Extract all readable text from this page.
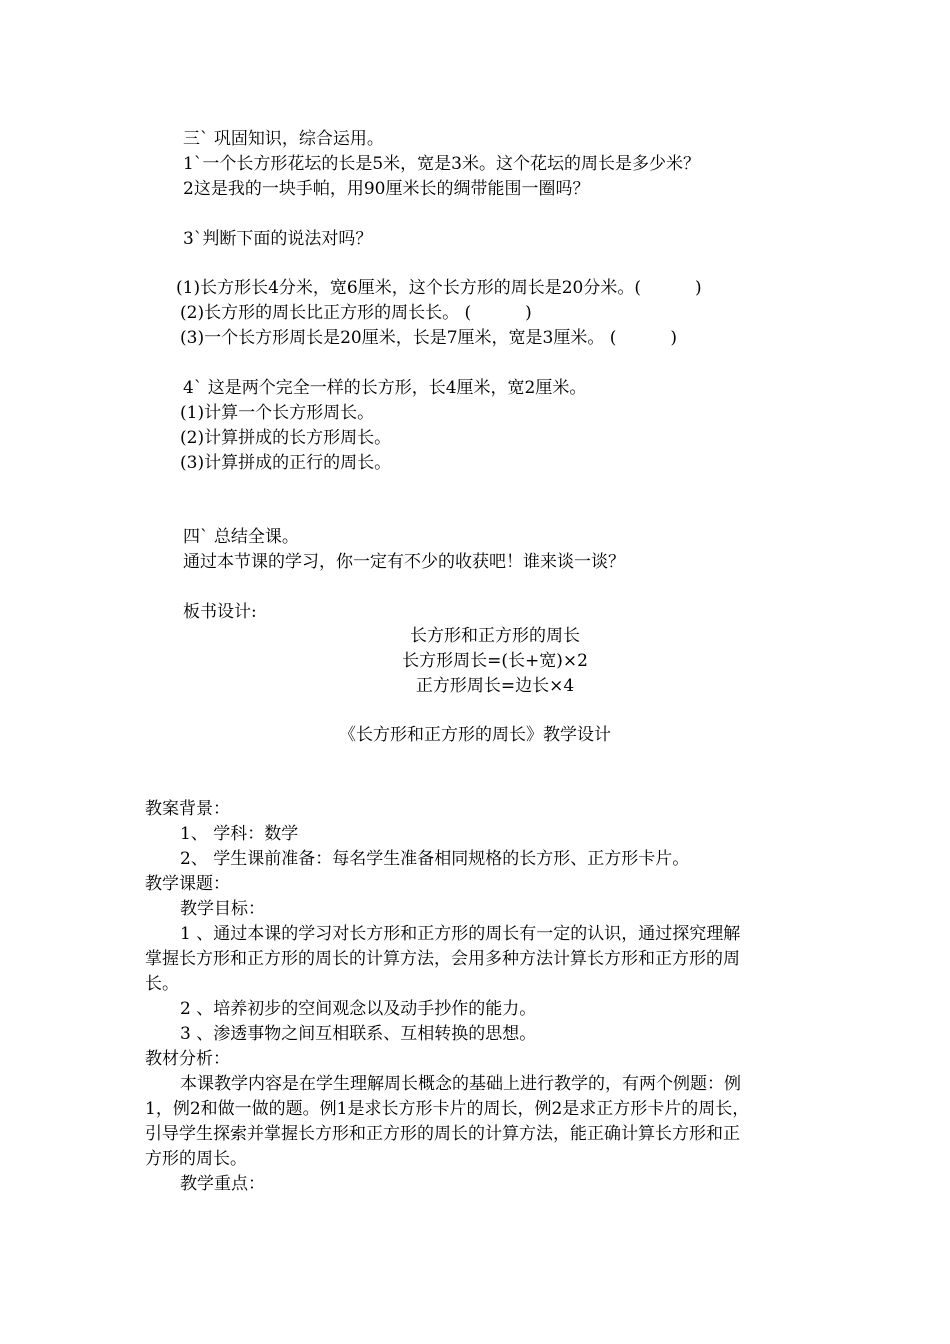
三` 巩固知识，综合运用。
1`一个长方形花坛的长是5米，宽是3米。这个花坛的周长是多少米？
2这是我的一块手帕，用90厘米长的绸带能围一圈吗？
3`判断下面的说法对吗？
(1)长方形长4分米，宽6厘米，这个长方形的周长是20分米。(          )
(2)长方形的周长比正方形的周长长。 (          )
(3)一个长方形周长是20厘米，长是7厘米，宽是3厘米。 (          )
4` 这是两个完全一样的长方形，长4厘米，宽2厘米。
(1)计算一个长方形周长。
(2)计算拼成的长方形周长。
(3)计算拼成的正行的周长。
四` 总结全课。
通过本节课的学习，你一定有不少的收获吧！谁来谈一谈？
板书设计:
长方形和正方形的周长
长方形周长=(长+宽)×2
正方形周长=边长×4
《长方形和正方形的周长》教学设计
教案背景：
1、 学科：数学
2、 学生课前准备：每名学生准备相同规格的长方形、正方形卡片。
教学课题：
教学目标：
1 、通过本课的学习对长方形和正方形的周长有一定的认识，通过探究理解
掌握长方形和正方形的周长的计算方法，会用多种方法计算长方形和正方形的周
长。
2 、培养初步的空间观念以及动手抄作的能力。
3 、渗透事物之间互相联系、互相转换的思想。
教材分析：
本课教学内容是在学生理解周长概念的基础上进行教学的，有两个例题：例
1，例2和做一做的题。例1是求长方形卡片的周长，例2是求正方形卡片的周长，
引导学生探索并掌握长方形和正方形的周长的计算方法，能正确计算长方形和正
方形的周长。
教学重点：
